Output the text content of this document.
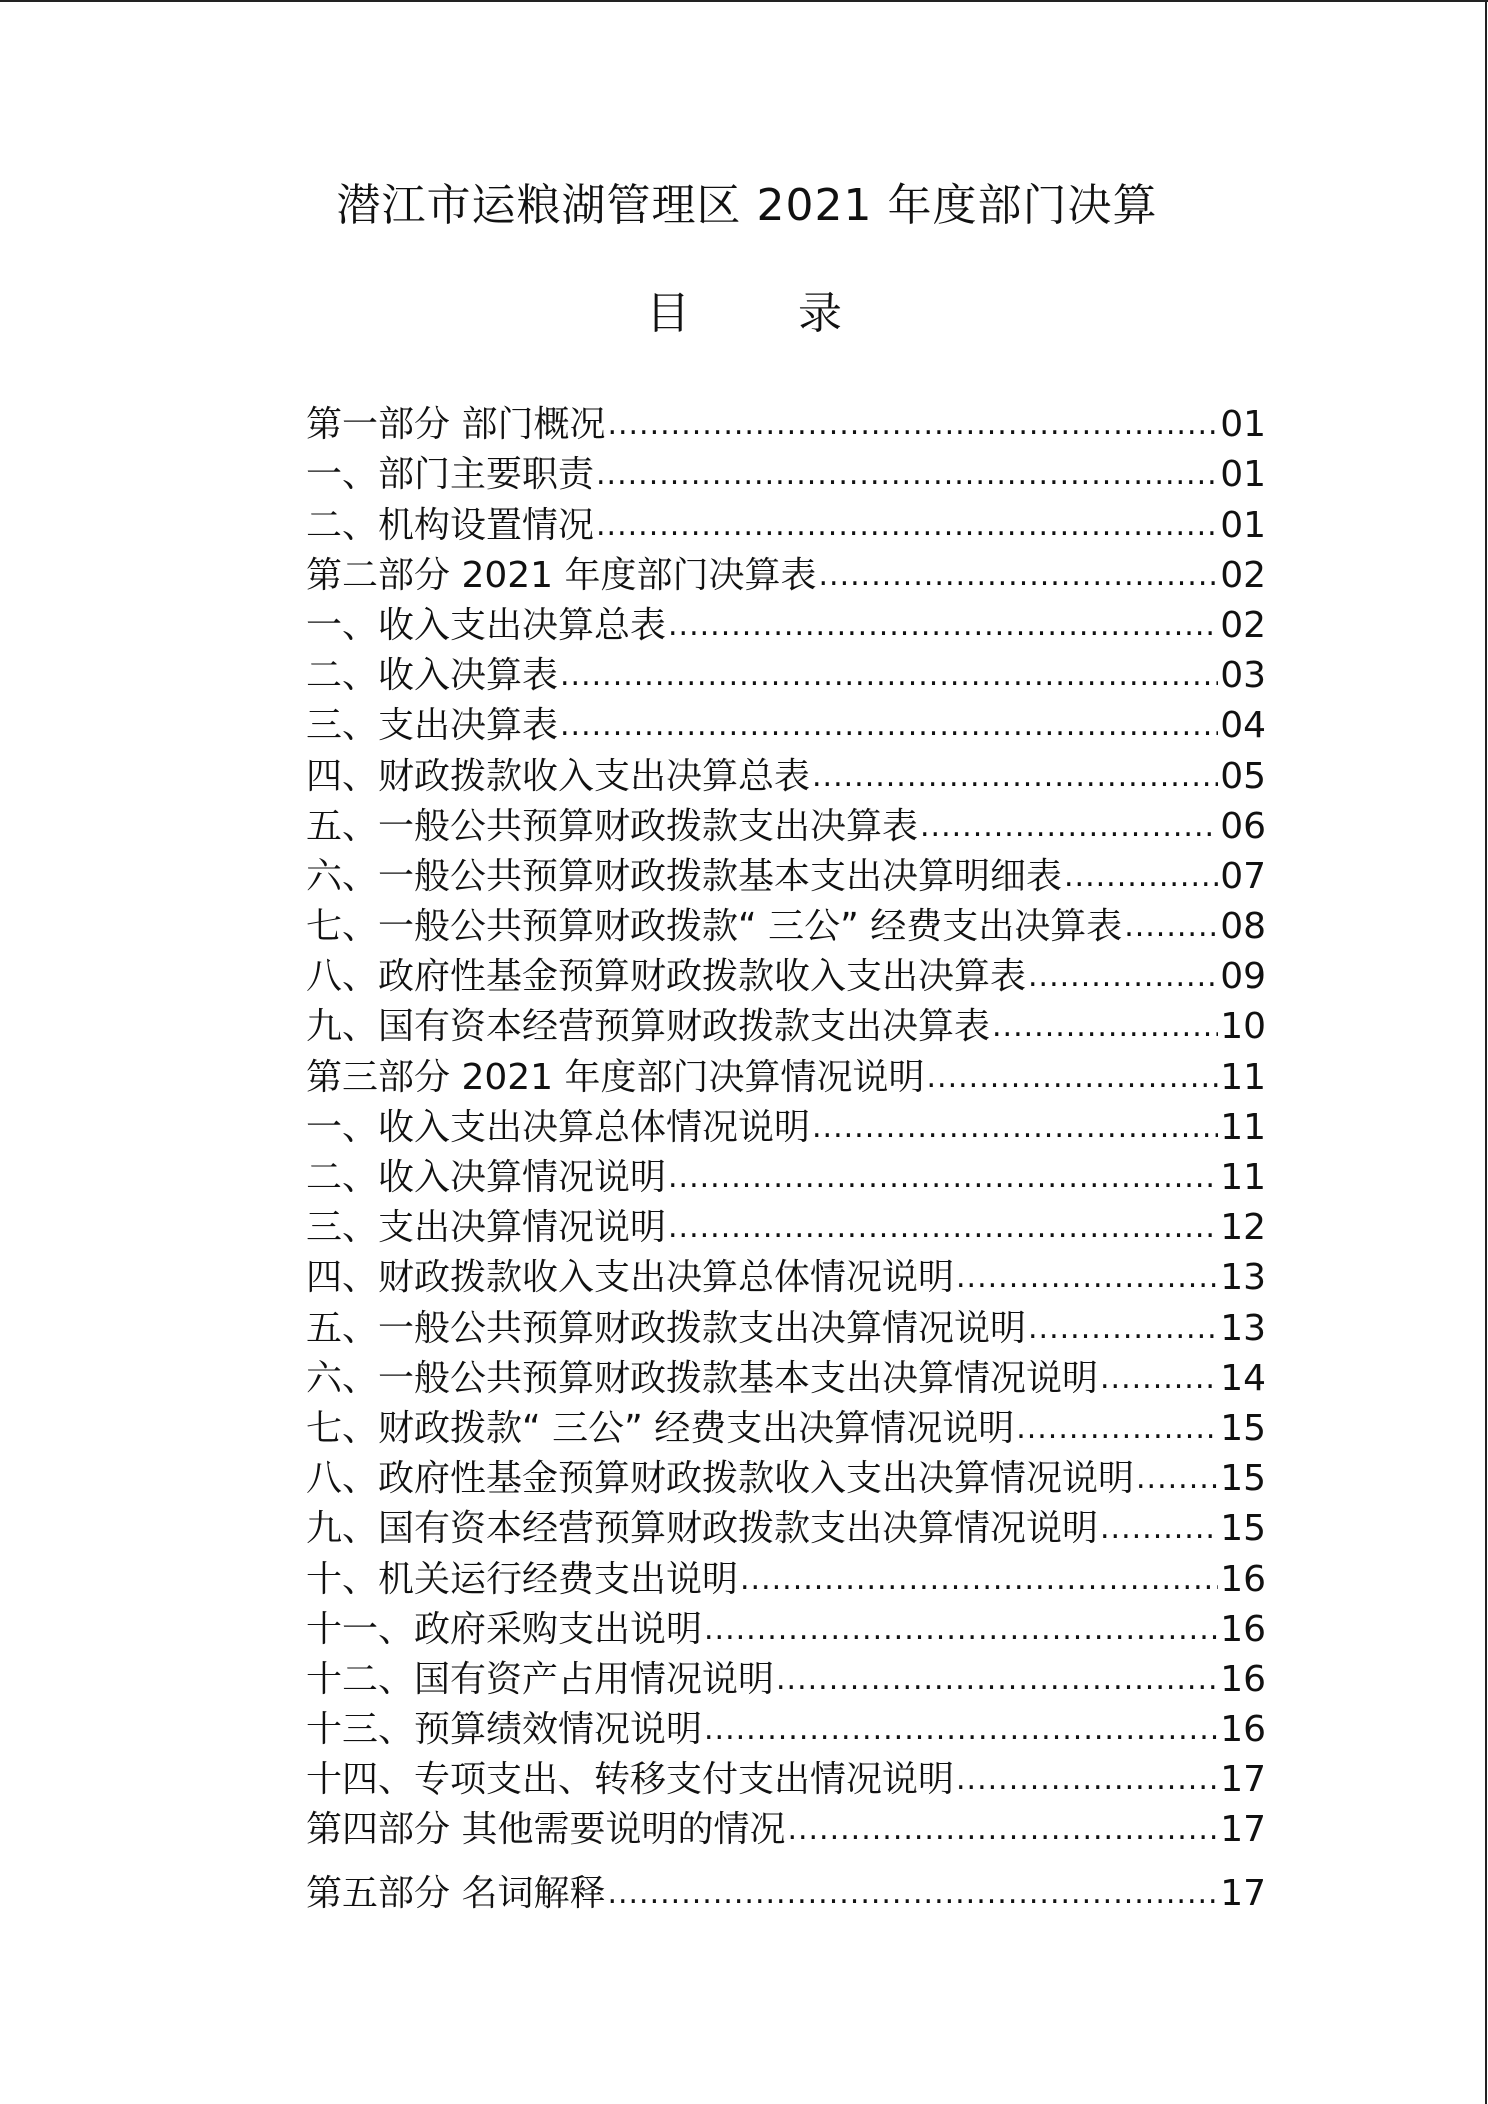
潜江市运粮湖管理区 2021 年度部门决算
目 录
第一部分 部门概况 .....	01
一、部门主要职责 .....	01
二、机构设置情况 .....	01
第二部分 2021 年度部门决算表 .....	02
一、收入支出决算总表 .....	02
二、收入决算表 .....	03
三、支出决算表 .....	04
四、财政拨款收入支出决算总表 .....	05
五、一般公共预算财政拨款支出决算表 .....	06
六、一般公共预算财政拨款基本支出决算明细表 .....	07
七、一般公共预算财政拨款“ 三公” 经费支出决算表 .....	08
八、政府性基金预算财政拨款收入支出决算表 .....	09
九、国有资本经营预算财政拨款支出决算表 .....	10
第三部分 2021 年度部门决算情况说明 .....	11
一、收入支出决算总体情况说明 .....	11
二、收入决算情况说明 .....	11
三、支出决算情况说明 .....	12
四、财政拨款收入支出决算总体情况说明 .....	13
五、一般公共预算财政拨款支出决算情况说明 .....	13
六、一般公共预算财政拨款基本支出决算情况说明 .....	14
七、财政拨款“ 三公” 经费支出决算情况说明 .....	15
八、政府性基金预算财政拨款收入支出决算情况说明 ..... 15
九、国有资本经营预算财政拨款支出决算情况说明 .....	15
十、机关运行经费支出说明 .....	16
十一、政府采购支出说明 .....	16
十二、国有资产占用情况说明 .....	16
十三、预算绩效情况说明 .....	16
十四、专项支出、转移支付支出情况说明 .....	17
第四部分 其他需要说明的情况 .....	17
第五部分 名词解释 .....	17
